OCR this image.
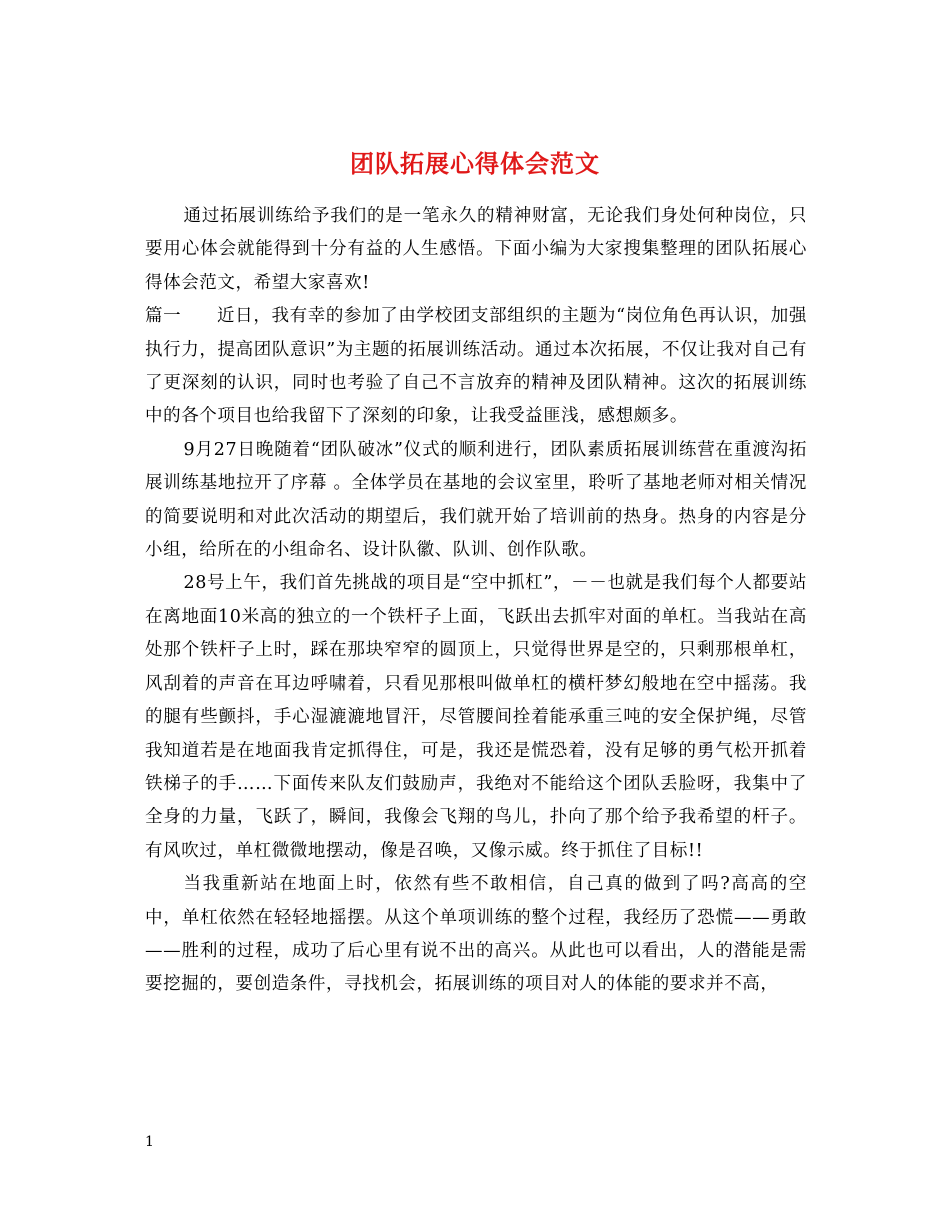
团队拓展心得体会范文

通过拓展训练给予我们的是一笔永久的精神财富，无论我们身处何种岗位，只要用心体会就能得到十分有益的人生感悟。下面小编为大家搜集整理的团队拓展心得体会范文，希望大家喜欢!

篇一 近日，我有幸的参加了由学校团支部组织的主题为“岗位角色再认识，加强执行力，提高团队意识”为主题的拓展训练活动。通过本次拓展，不仅让我对自己有了更深刻的认识，同时也考验了自己不言放弃的精神及团队精神。这次的拓展训练中的各个项目也给我留下了深刻的印象，让我受益匪浅，感想颇多。

9月27日晚随着“团队破冰”仪式的顺利进行，团队素质拓展训练营在重渡沟拓展训练基地拉开了序幕 。全体学员在基地的会议室里，聆听了基地老师对相关情况的简要说明和对此次活动的期望后，我们就开始了培训前的热身。热身的内容是分小组，给所在的小组命名、设计队徽、队训、创作队歌。

28号上午，我们首先挑战的项目是“空中抓杠”，－－也就是我们每个人都要站在离地面10米高的独立的一个铁杆子上面，飞跃出去抓牢对面的单杠。当我站在高处那个铁杆子上时，踩在那块窄窄的圆顶上，只觉得世界是空的，只剩那根单杠，风刮着的声音在耳边呼啸着，只看见那根叫做单杠的横杆梦幻般地在空中摇荡。我的腿有些颤抖，手心湿漉漉地冒汗，尽管腰间拴着能承重三吨的安全保护绳，尽管我知道若是在地面我肯定抓得住，可是，我还是慌恐着，没有足够的勇气松开抓着铁梯子的手……下面传来队友们鼓励声，我绝对不能给这个团队丢脸呀，我集中了全身的力量，飞跃了，瞬间，我像会飞翔的鸟儿，扑向了那个给予我希望的杆子。有风吹过，单杠微微地摆动，像是召唤，又像示威。终于抓住了目标!!

当我重新站在地面上时，依然有些不敢相信，自己真的做到了吗?高高的空中，单杠依然在轻轻地摇摆。从这个单项训练的整个过程，我经历了恐慌——勇敢——胜利的过程，成功了后心里有说不出的高兴。从此也可以看出，人的潜能是需要挖掘的，要创造条件，寻找机会，拓展训练的项目对人的体能的要求并不高，

1
